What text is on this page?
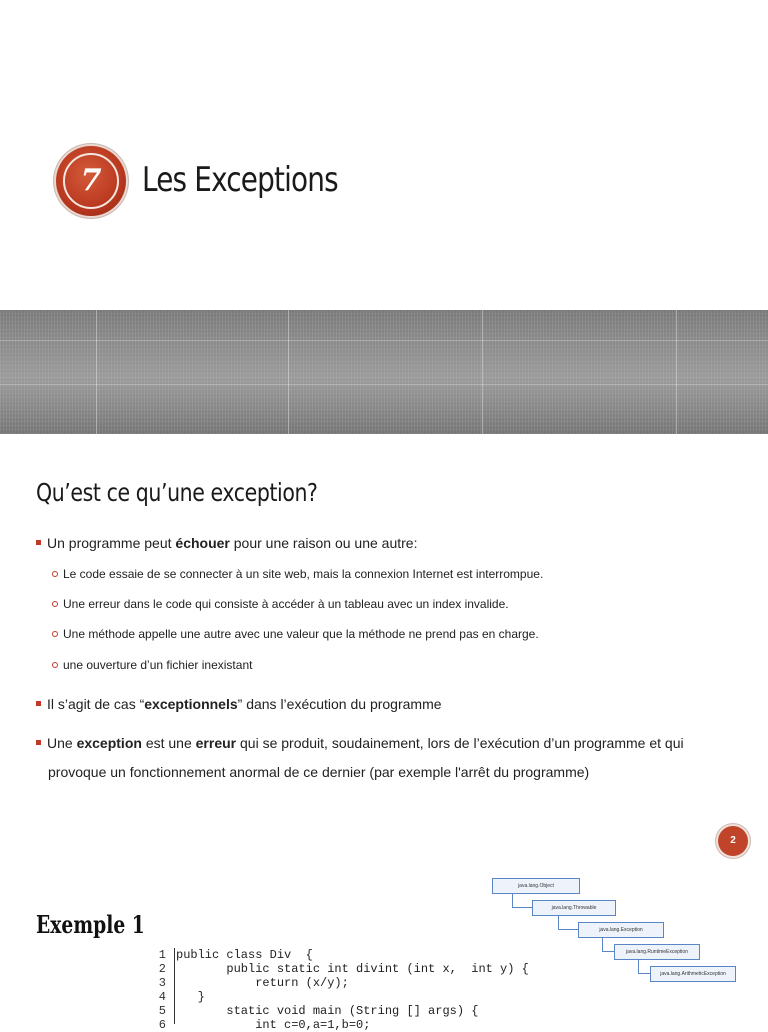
7	Les Exceptions
Qu’est ce qu’une exception?
Un programme peut échouer pour une raison ou une autre:
Le code essaie de se connecter à un site web, mais la connexion Internet est interrompue.
Une erreur dans le code qui consiste à accéder à un tableau avec un index invalide.
Une méthode appelle une autre avec une valeur que la méthode ne prend pas en charge.
une ouverture d’un fichier inexistant
Il s’agit de cas “exceptionnels” dans l’exécution du programme
Une exception est une erreur qui se produit, soudainement, lors de l’exécution d’un programme et qui
provoque un fonctionnement anormal de ce dernier (par exemple l'arrêt du programme)
2
Exemple 1
java.lang.Object
java.lang.Throwable
java.lang.Exception
java.lang.RuntimeException
java.lang.ArithmeticException
1 public class Div  {
2       public static int divint (int x,  int y) {
3           return (x/y);
4   }
5       static void main (String [] args) {
6           int c=0,a=1,b=0;
